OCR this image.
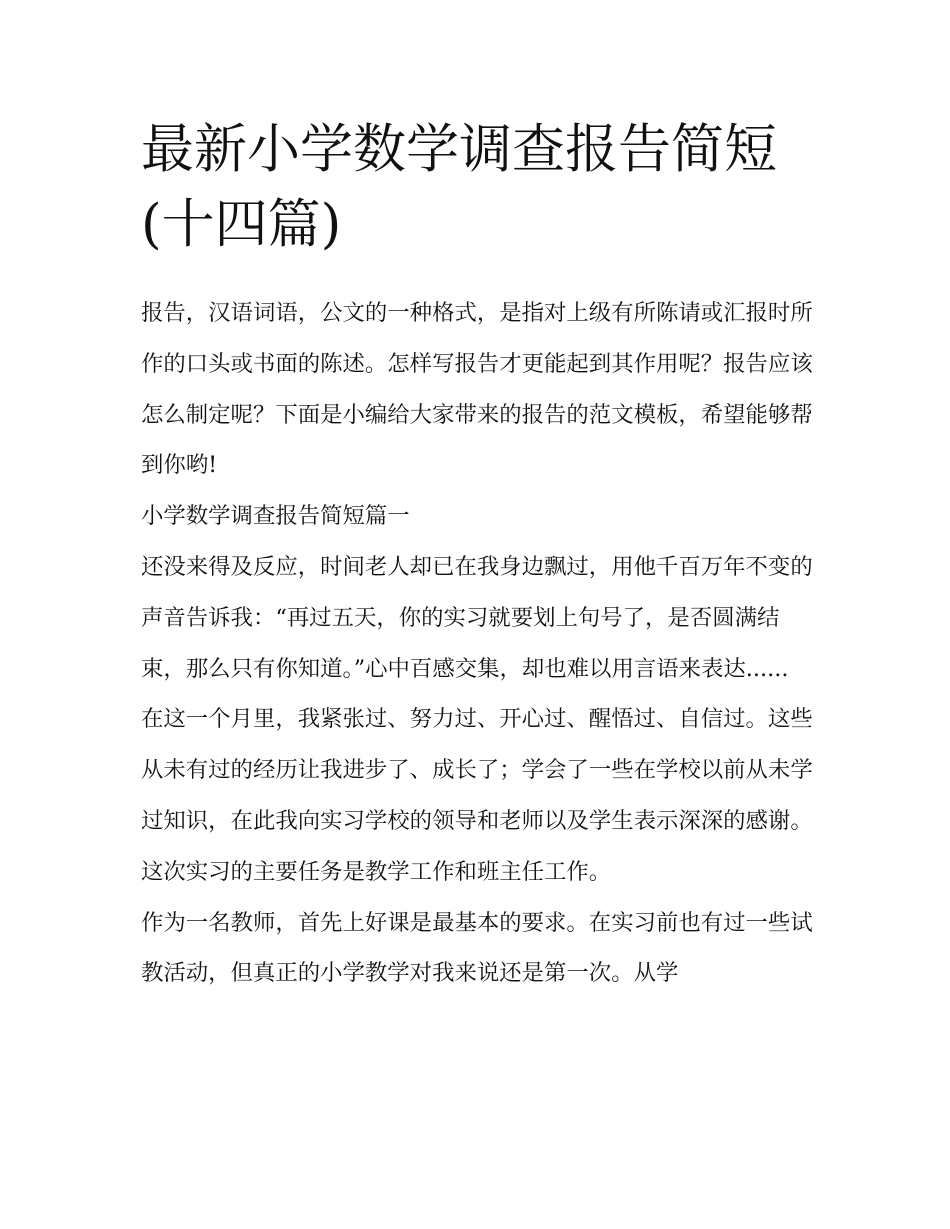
最新小学数学调查报告简短(十四篇)

报告，汉语词语，公文的一种格式，是指对上级有所陈请或汇报时所作的口头或书面的陈述。怎样写报告才更能起到其作用呢？报告应该怎么制定呢？下面是小编给大家带来的报告的范文模板，希望能够帮到你哟!

小学数学调查报告简短篇一

还没来得及反应，时间老人却已在我身边飘过，用他千百万年不变的声音告诉我：“再过五天，你的实习就要划上句号了，是否圆满结束，那么只有你知道。”心中百感交集，却也难以用言语来表达......

在这一个月里，我紧张过、努力过、开心过、醒悟过、自信过。这些从未有过的经历让我进步了、成长了；学会了一些在学校以前从未学过知识，在此我向实习学校的领导和老师以及学生表示深深的感谢。

这次实习的主要任务是教学工作和班主任工作。

作为一名教师，首先上好课是最基本的要求。在实习前也有过一些试教活动，但真正的小学教学对我来说还是第一次。从学
